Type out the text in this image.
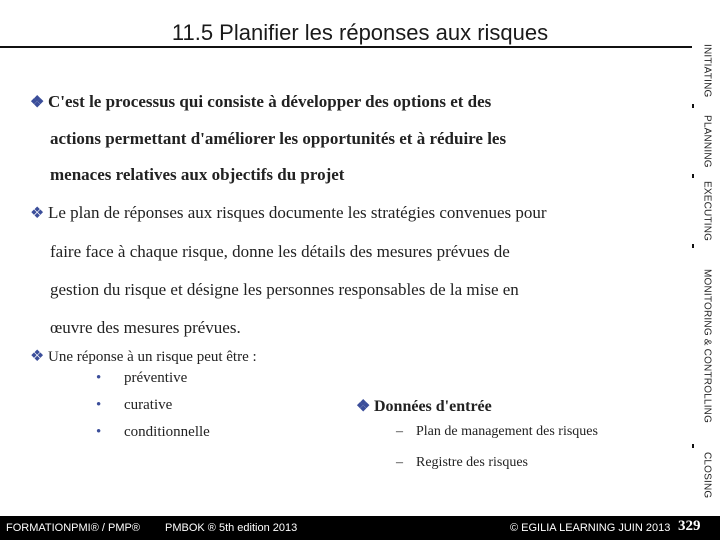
11.5 Planifier les réponses aux risques
INITIATING
PLANNING
EXECUTING
MONITORING & CONTROLLING
CLOSING
❖ C'est le processus qui consiste à développer des options et des
actions permettant d'améliorer les opportunités et à réduire les
menaces relatives aux objectifs du projet
❖ Le plan de réponses aux risques documente les stratégies convenues pour
faire face à chaque risque, donne les détails des mesures prévues de
gestion du risque et désigne les personnes responsables de la mise en
œuvre des mesures prévues.
❖ Une réponse à un risque peut être :
• préventive
• curative
• conditionnelle
❖ Données d'entrée
– Plan de management des risques
– Registre des risques
FORMATIONPMI® / PMP® PMBOK ® 5th edition 2013	© EGILIA LEARNING JUIN 2013 329
